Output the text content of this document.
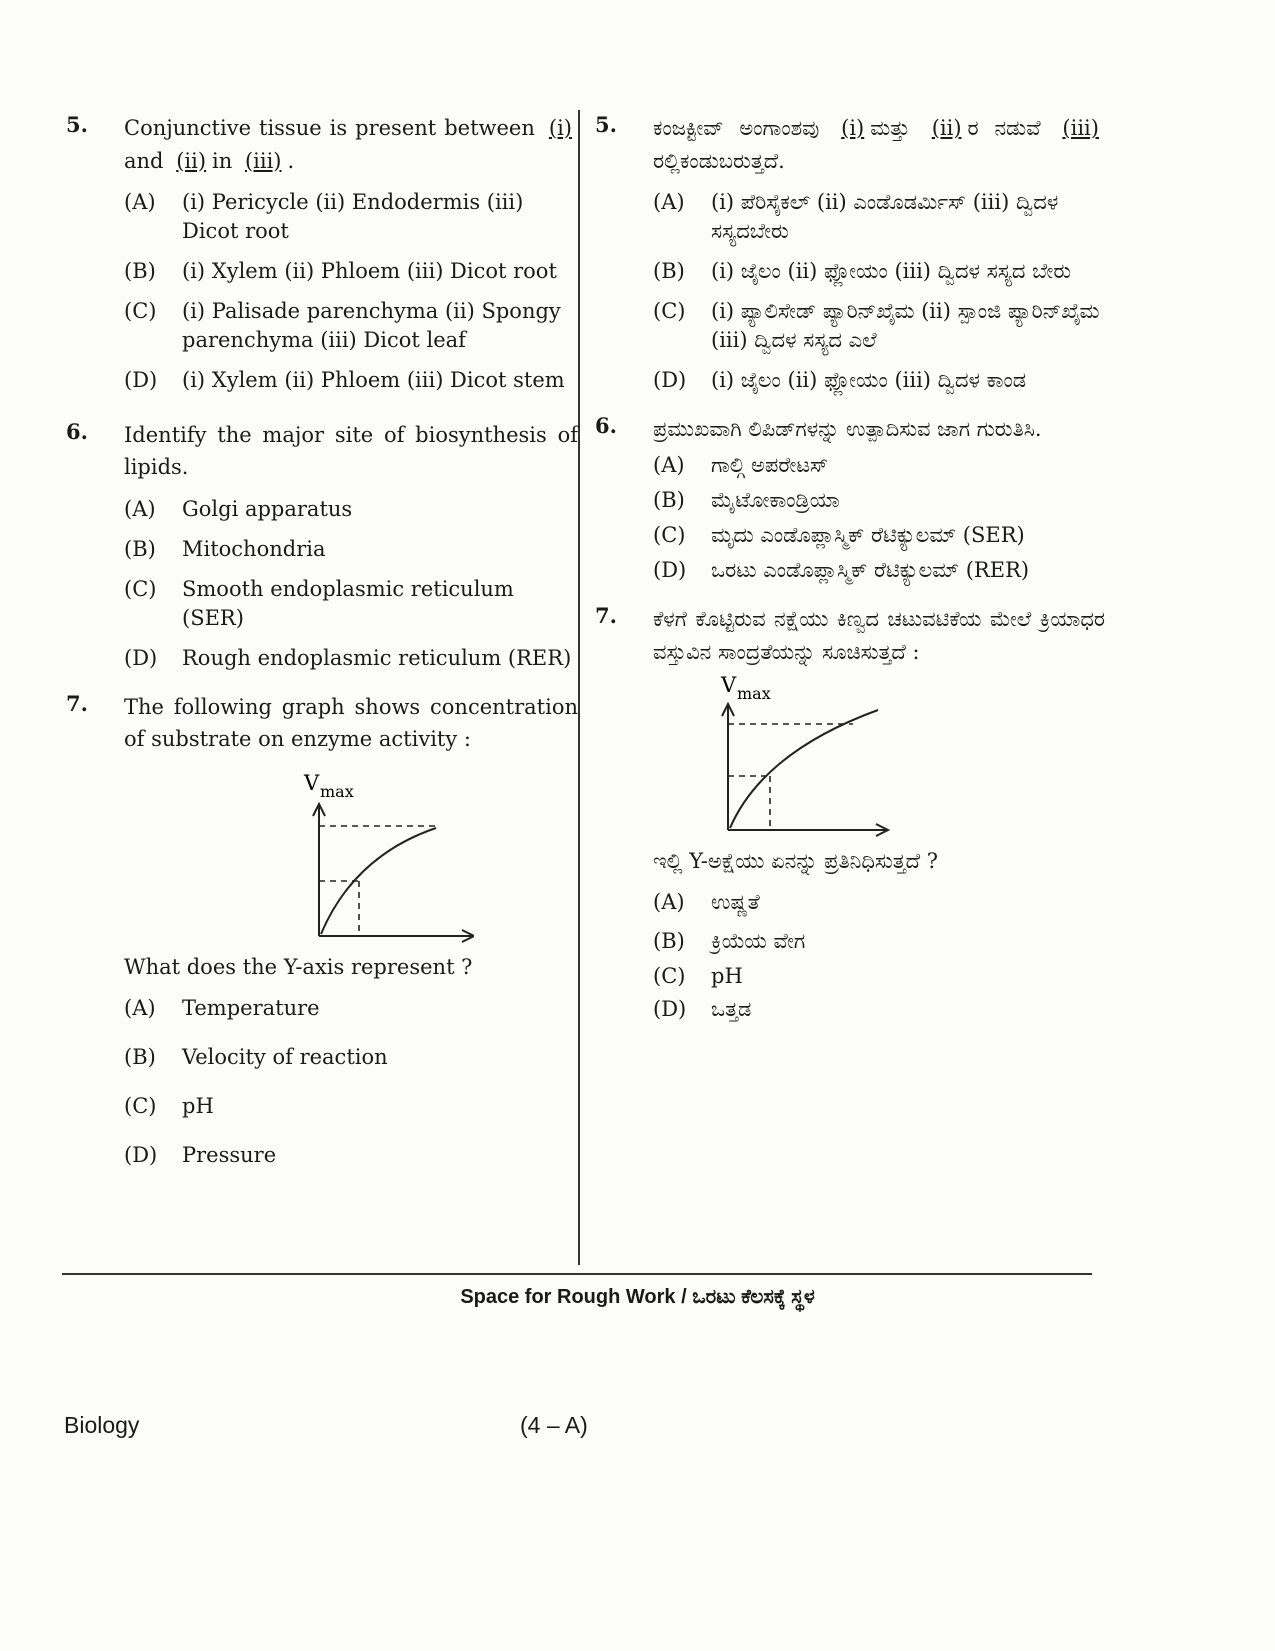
5. Conjunctive tissue is present between (i)and (ii) in (iii) .
(A) (i) Pericycle (ii) Endodermis (iii) Dicot root
(B) (i) Xylem (ii) Phloem (iii) Dicot root
(C) (i) Palisade parenchyma (ii) Spongy parenchyma (iii) Dicot leaf
(D) (i) Xylem (ii) Phloem (iii) Dicot stem
6. Identify the major site of biosynthesis of lipids.
(A) Golgi apparatus
(B) Mitochondria
(C) Smooth endoplasmic reticulum (SER)
(D) Rough endoplasmic reticulum (RER)
7. The following graph shows concentration of substrate on enzyme activity :
V max
What does the Y-axis represent ?
(A) Temperature
(B) Velocity of reaction
(C) pH
(D) Pressure
5. ಕಂಜಕ್ಟೀವ್ ಅಂಗಾಂಶವು (i) ಮತ್ತು (ii) ರ ನಡುವೆ (iii)ರಲ್ಲಿಕಂಡುಬರುತ್ತದೆ.
(A) (i) ಪೆರಿಸೈಕಲ್ (ii) ಎಂಡೊಡರ್ಮಿಸ್ (iii) ದ್ವಿದಳ ಸಸ್ಯದಬೇರು
(B) (i) ಜೈಲಂ (ii) ಫ್ಲೋಯಂ (iii) ದ್ವಿದಳ ಸಸ್ಯದ ಬೇರು
(C) (i) ಪ್ಯಾಲಿಸೇಡ್ ಪ್ಯಾರಿನ್‌ಖೈಮ (ii) ಸ್ಪಾಂಜಿ ಪ್ಯಾರಿನ್‌ಖೈಮ (iii) ದ್ವಿದಳ ಸಸ್ಯದ ಎಲೆ
(D) (i) ಜೈಲಂ (ii) ಫ್ಲೋಯಂ (iii) ದ್ವಿದಳ ಕಾಂಡ
6. ಪ್ರಮುಖವಾಗಿ ಲಿಪಿಡ್‌ಗಳನ್ನು ಉತ್ಪಾದಿಸುವ ಜಾಗ ಗುರುತಿಸಿ.
(A) ಗಾಲ್ಗಿ ಅಪರೇಟಸ್
(B) ಮೈಟೋಕಾಂಡ್ರಿಯಾ
(C) ಮೃದು ಎಂಡೊಪ್ಲಾಸ್ಮಿಕ್ ರೆಟಿಕ್ಯುಲಮ್ (SER)
(D) ಒರಟು ಎಂಡೊಪ್ಲಾಸ್ಮಿಕ್ ರೆಟಿಕ್ಯುಲಮ್ (RER)
7. ಕೆಳಗೆ ಕೊಟ್ಟಿರುವ ನಕ್ಷೆಯು ಕಿಣ್ವದ ಚಟುವಟಿಕೆಯ ಮೇಲೆ ಕ್ರಿಯಾಧರ ವಸ್ತುವಿನ ಸಾಂದ್ರತೆಯನ್ನು ಸೂಚಿಸುತ್ತದೆ :
V max
ಇಲ್ಲಿ Y-ಅಕ್ಷೆಯು ಏನನ್ನು ಪ್ರತಿನಿಧಿಸುತ್ತದೆ ?
(A) ಉಷ್ಣತೆ
(B) ಕ್ರಿಯೆಯ ವೇಗ
(C) pH
(D) ಒತ್ತಡ
Space for Rough Work / ಒರಟು ಕೆಲಸಕ್ಕೆ ಸ್ಥಳ
Biology	(4 – A)
